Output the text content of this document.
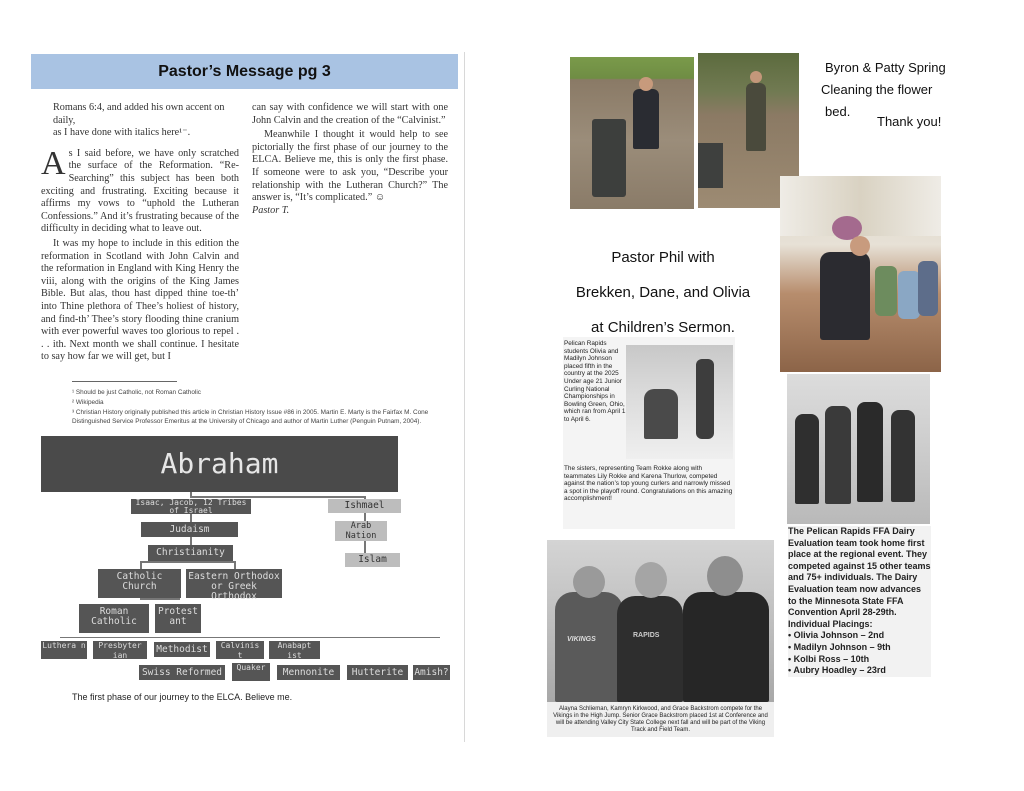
Pastor’s Message pg 3

Romans 6:4, and added his own accent on daily,

as I have done with italics here¹⁻.

As I said before, we have only scratched the surface of the Reformation. “Re-Searching” this subject has been both exciting and frustrating. Exciting because it affirms my vows to “uphold the Lutheran Confessions.” And it’s frustrating because of the difficulty in deciding what to leave out.

It was my hope to include in this edition the reformation in Scotland with John Calvin and the reformation in England with King Henry the viii, along with the origins of the King James Bible. But alas, thou hast dipped thine toe-th’ into Thine plethora of Thee’s holiest of history, and find-th’ Thee’s story flooding thine cranium with ever powerful waves too glorious to repel . . . ith. Next month we shall continue. I hesitate to say how far we will get, but I

can say with confidence we will start with one John Calvin and the creation of the “Calvinist.”

Meanwhile I thought it would help to see pictorially the first phase of our journey to the ELCA. Believe me, this is only the first phase. If someone were to ask you, “Describe your relationship with the Lutheran Church?” The answer is, “It’s complicated.” ☺

Pastor T.

¹ Should be just Catholic, not Roman Catholic
² Wikipedia
³ Christian History originally published this article in Christian History Issue #86 in 2005. Martin E. Marty is the Fairfax M. Cone
Distinguished Service Professor Emeritus at the University of Chicago and author of Martin Luther (Penguin Putnam, 2004).
Abraham
Isaac, Jacob, 12 Tribes of Israel	Ishmael
Judaism	Arab Nation
Christianity
Islam
Catholic Church
Eastern Orthodox or Greek Orthodox
Roman Catholic
Protest ant
Luthera n	Presbyter ian
Methodist	Calvinis t
Anabapt ist
Swiss Reformed	Quaker	Mennonite	Hutterite	Amish?
The first phase of our journey to the ELCA. Believe me.
Byron & Patty Spring
Cleaning the flower
bed.
Thank you!
Pastor Phil with
Brekken, Dane, and Olivia
at Children’s Sermon.
Pelican Rapids students Olivia and Madilyn Johnson placed fifth in the country at the 2025 Under age 21 Junior Curling National Championships in Bowling Green, Ohio, which ran from April 1 to April 6.
The sisters, representing Team Rokke along with teammates Lily Rokke and Karena Thurlow, competed against the nation’s top young curlers and narrowly missed a spot in the playoff round. Congratulations on this amazing accomplishment!
The Pelican Rapids FFA Dairy Evaluation team took home first place at the regional event. They competed against 15 other teams and 75+ individuals. The Dairy Evaluation team now advances to the Minnesota State FFA Convention April 28-29th.
Individual Placings:
• Olivia Johnson – 2nd
• Madilyn Johnson – 9th
• Kolbi Ross – 10th
• Aubry Hoadley – 23rd
VIKINGS
RAPIDS
Alayna Schlieman, Kamryn Kirkwood, and Grace Backstrom compete for the Vikings in the High Jump. Senior Grace Backstrom placed 1st at Conference and will be attending Valley City State College next fall and will be part of the Viking Track and Field Team.
